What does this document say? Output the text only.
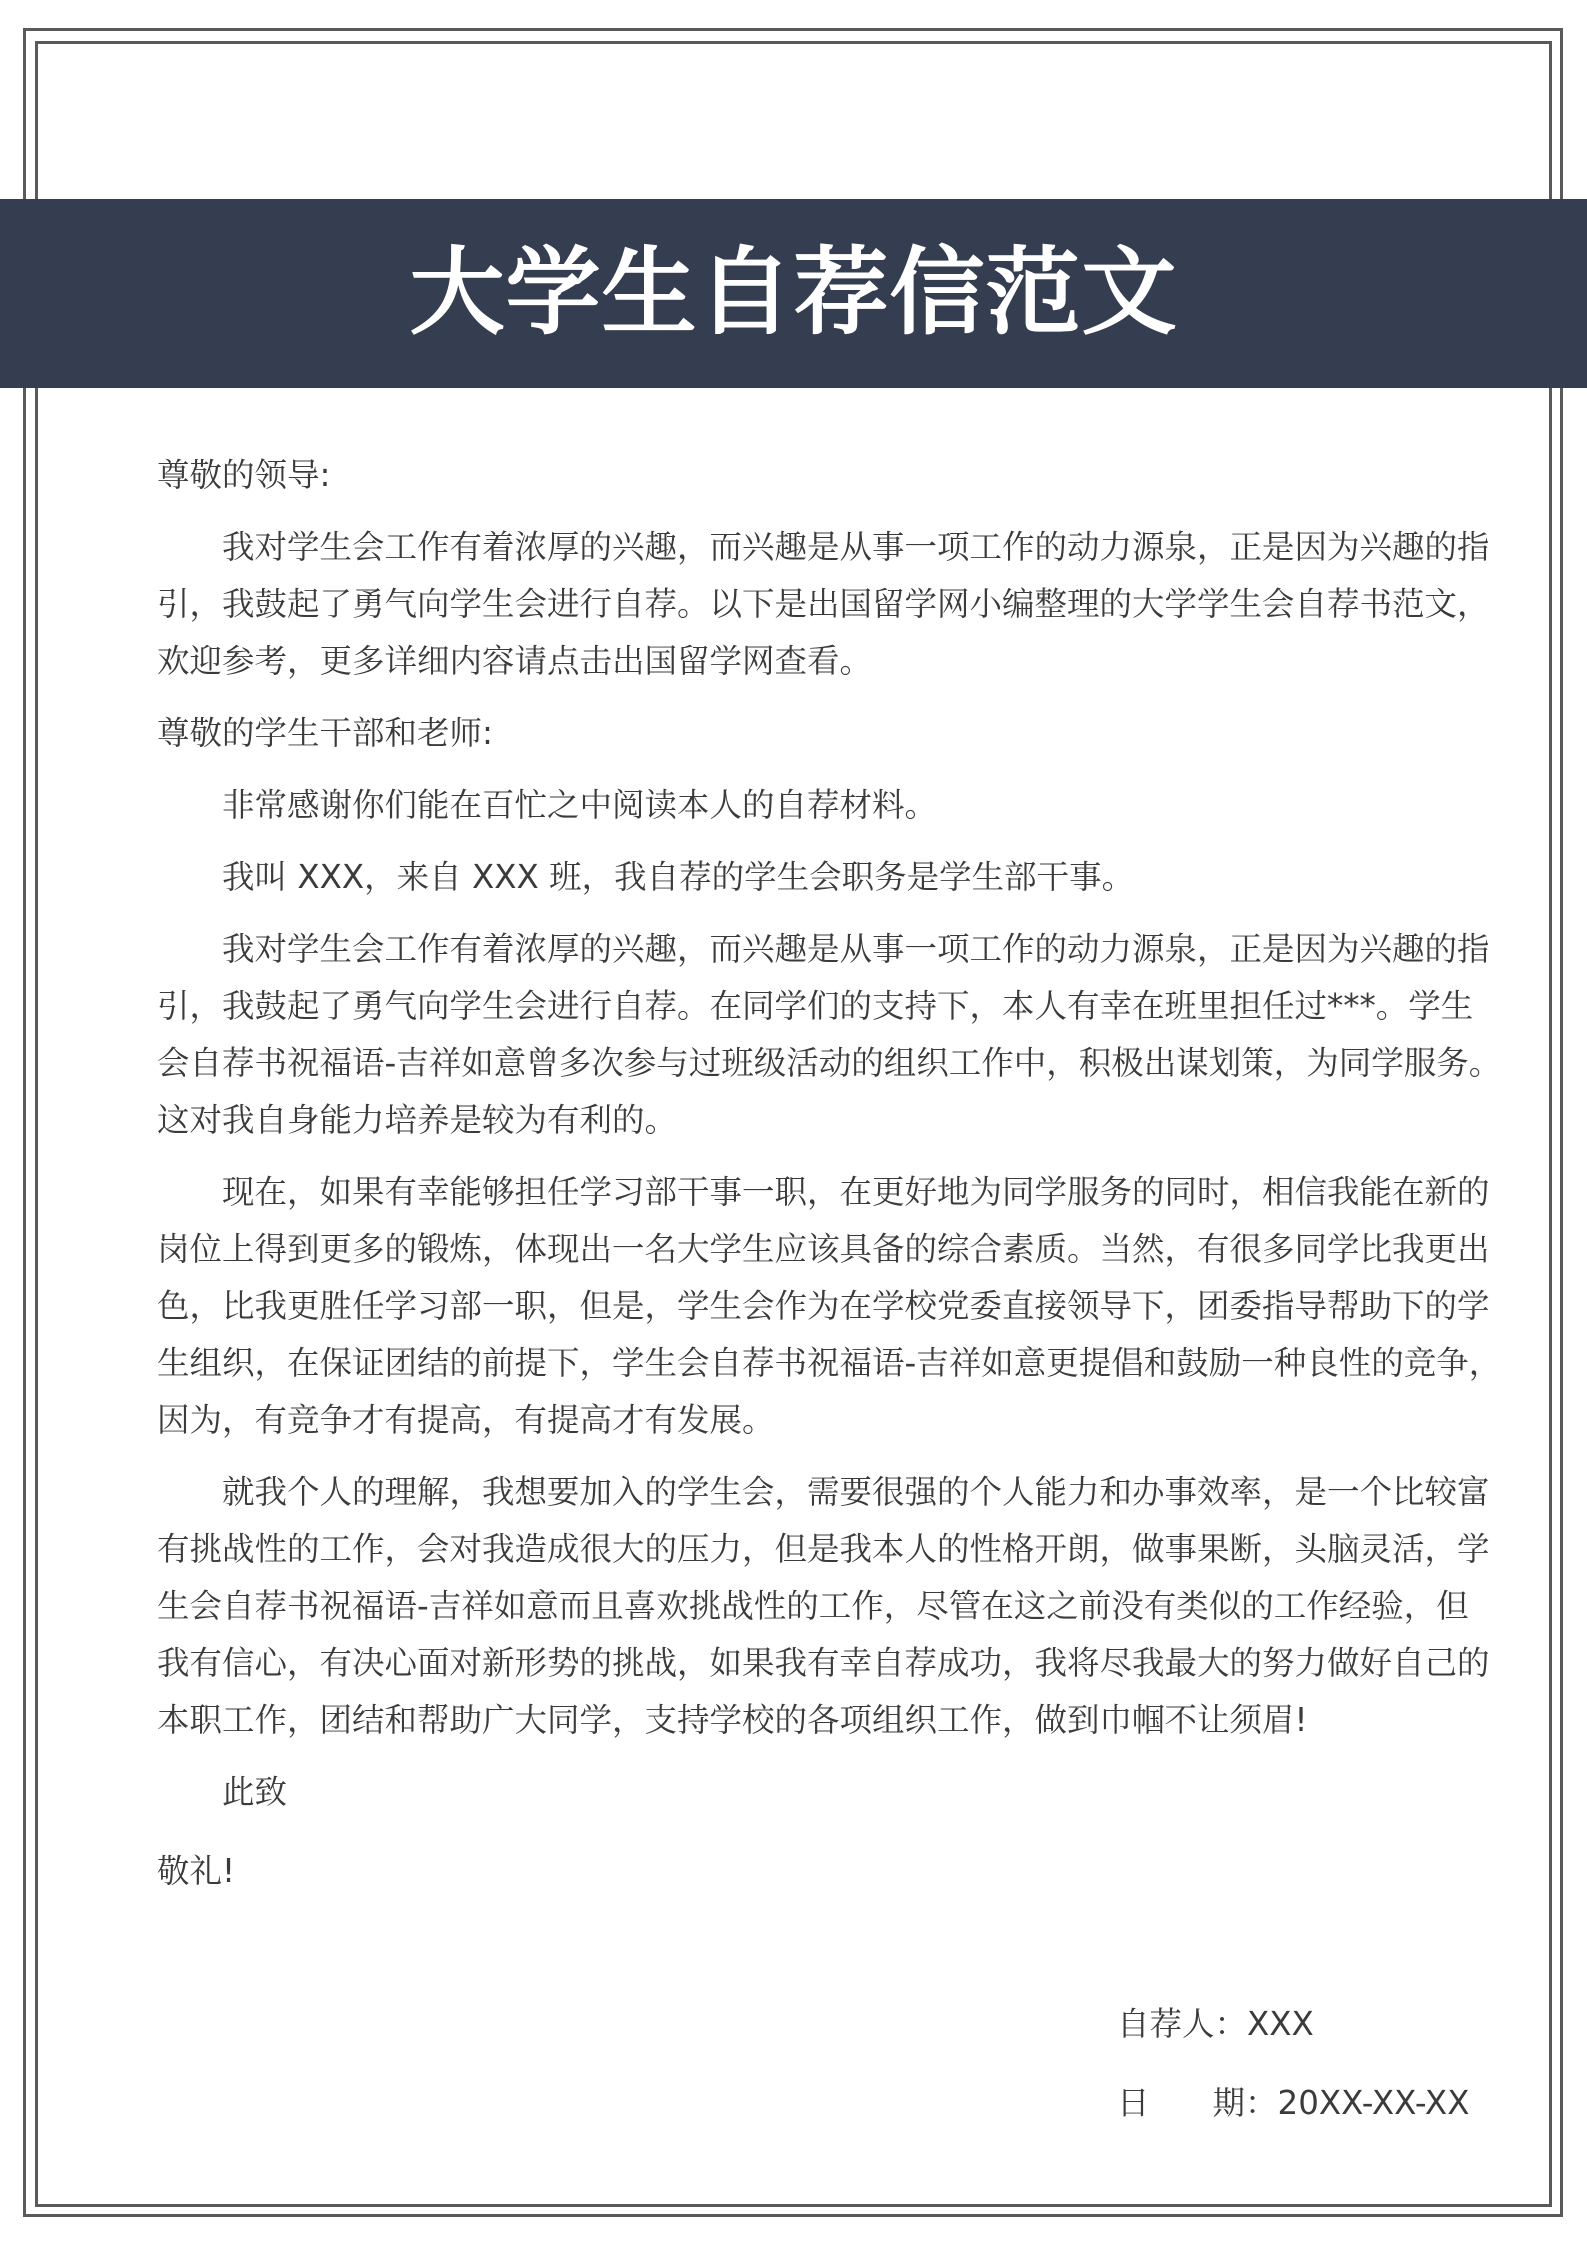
大学生自荐信范文
尊敬的领导:
我对学生会工作有着浓厚的兴趣，而兴趣是从事一项工作的动力源泉，正是因为兴趣的指
引，我鼓起了勇气向学生会进行自荐。以下是出国留学网小编整理的大学学生会自荐书范文，
欢迎参考，更多详细内容请点击出国留学网查看。
尊敬的学生干部和老师:
非常感谢你们能在百忙之中阅读本人的自荐材料。
我叫 XXX，来自 XXX 班，我自荐的学生会职务是学生部干事。
我对学生会工作有着浓厚的兴趣，而兴趣是从事一项工作的动力源泉，正是因为兴趣的指
引，我鼓起了勇气向学生会进行自荐。在同学们的支持下，本人有幸在班里担任过***。学生
会自荐书祝福语-吉祥如意曾多次参与过班级活动的组织工作中，积极出谋划策，为同学服务。
这对我自身能力培养是较为有利的。
现在，如果有幸能够担任学习部干事一职，在更好地为同学服务的同时，相信我能在新的
岗位上得到更多的锻炼，体现出一名大学生应该具备的综合素质。当然，有很多同学比我更出
色，比我更胜任学习部一职，但是，学生会作为在学校党委直接领导下，团委指导帮助下的学
生组织，在保证团结的前提下，学生会自荐书祝福语-吉祥如意更提倡和鼓励一种良性的竞争，
因为，有竞争才有提高，有提高才有发展。
就我个人的理解，我想要加入的学生会，需要很强的个人能力和办事效率，是一个比较富
有挑战性的工作，会对我造成很大的压力，但是我本人的性格开朗，做事果断，头脑灵活，学
生会自荐书祝福语-吉祥如意而且喜欢挑战性的工作，尽管在这之前没有类似的工作经验，但
我有信心，有决心面对新形势的挑战，如果我有幸自荐成功，我将尽我最大的努力做好自己的
本职工作，团结和帮助广大同学，支持学校的各项组织工作，做到巾帼不让须眉!
此致
敬礼!
自荐人：XXX
日 期：20XX-XX-XX
